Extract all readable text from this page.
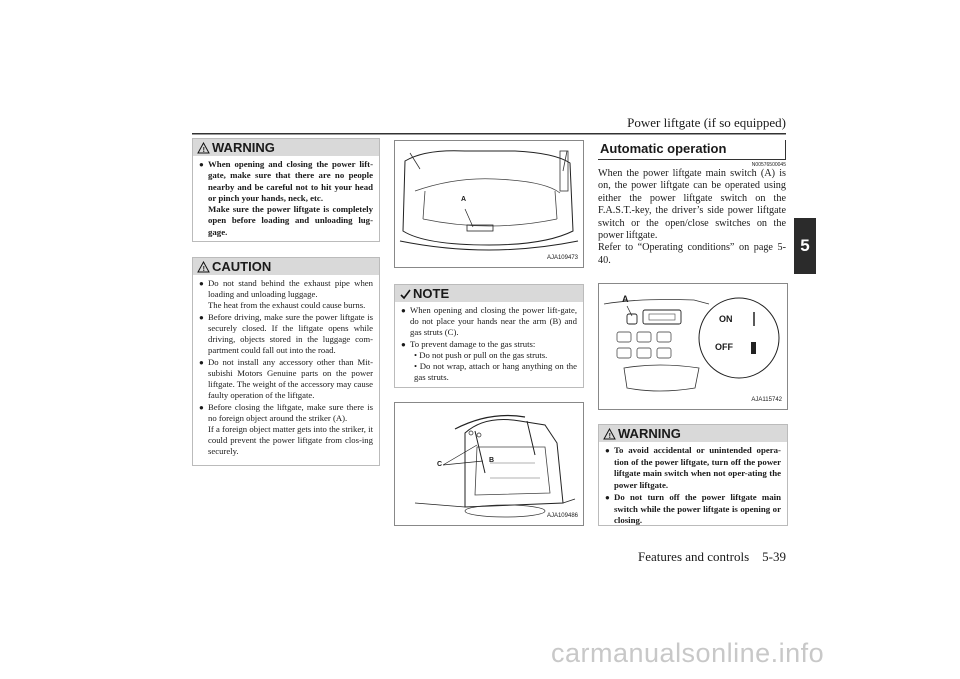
Power liftgate (if so equipped)
5
! WARNING
● When opening and closing the power lift-gate, make sure that there are no people nearby and be careful not to hit your head or pinch your hands, neck, etc.
Make sure the power liftgate is completely open before loading and unloading lug-gage.
! CAUTION
● Do not stand behind the exhaust pipe when loading and unloading luggage.
The heat from the exhaust could cause burns.
● Before driving, make sure the power liftgate is securely closed. If the liftgate opens while driving, objects stored in the luggage com-partment could fall out into the road.
● Do not install any accessory other than Mit-subishi Motors Genuine parts on the power liftgate. The weight of the accessory may cause faulty operation of the liftgate.
● Before closing the liftgate, make sure there is no foreign object around the striker (A).
If a foreign object matter gets into the striker, it could prevent the power liftgate from clos-ing securely.
A
AJA109473
NOTE
● When opening and closing the power lift-gate, do not place your hands near the arm (B) and gas struts (C).
● To prevent damage to the gas struts:
• Do not push or pull on the gas struts.
• Do not wrap, attach or hang anything on the gas struts.
B
C
AJA109486
Automatic operation
N00576500045
When the power liftgate main switch (A) is on, the power liftgate can be operated using either the power liftgate switch on the F.A.S.T.-key, the driver’s side power liftgate switch or the open/close switches on the power liftgate.
Refer to “Operating conditions” on page 5-40.
A
ON
OFF
AJA115742
! WARNING
● To avoid accidental or unintended opera-tion of the power liftgate, turn off the power liftgate main switch when not oper-ating the power liftgate.
● Do not turn off the power liftgate main switch while the power liftgate is opening or closing.
Features and controls    5-39
carmanualsonline.info
